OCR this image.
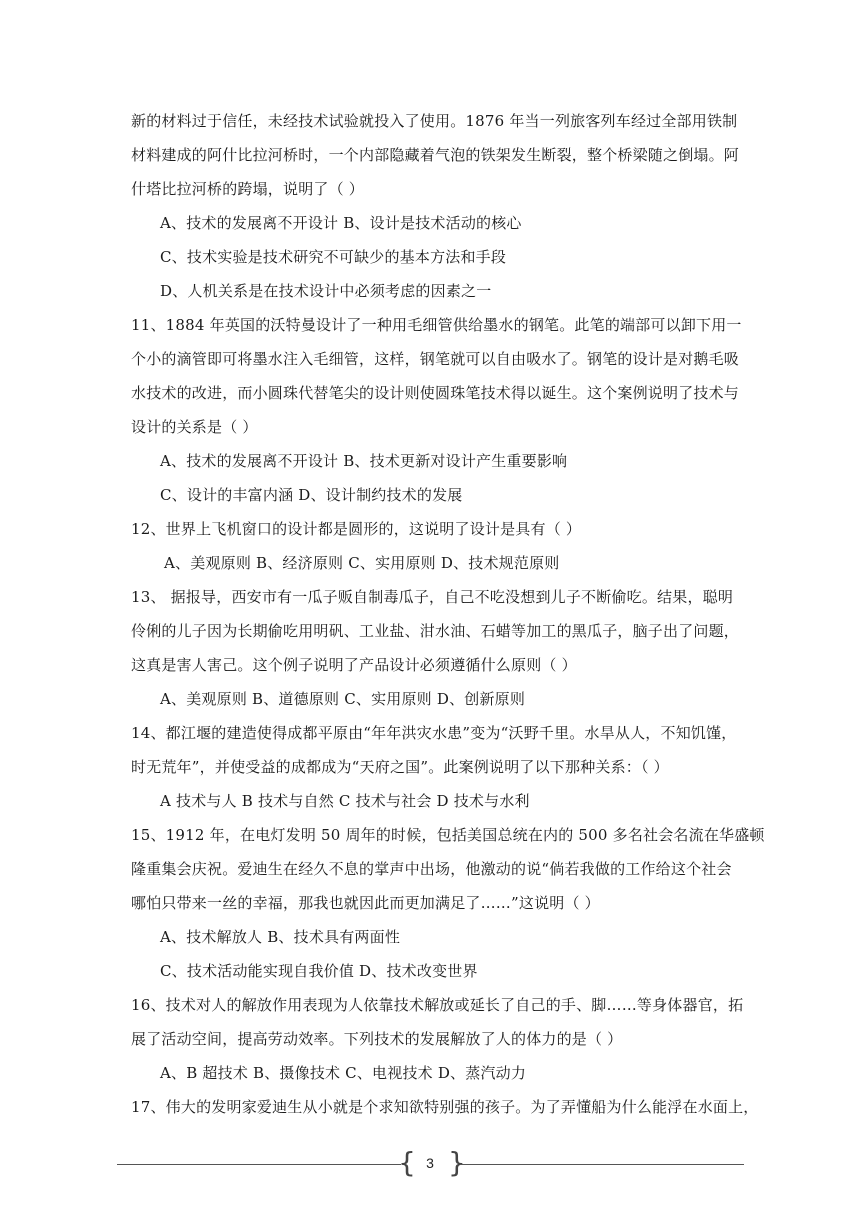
新的材料过于信任，未经技术试验就投入了使用。1876 年当一列旅客列车经过全部用铁制
材料建成的阿什比拉河桥时，一个内部隐藏着气泡的铁架发生断裂，整个桥梁随之倒塌。阿
什塔比拉河桥的跨塌，说明了（ ）
A、技术的发展离不开设计 B、设计是技术活动的核心
C、技术实验是技术研究不可缺少的基本方法和手段
D、人机关系是在技术设计中必须考虑的因素之一
11、1884 年英国的沃特曼设计了一种用毛细管供给墨水的钢笔。此笔的端部可以卸下用一
个小的滴管即可将墨水注入毛细管，这样，钢笔就可以自由吸水了。钢笔的设计是对鹅毛吸
水技术的改进，而小圆珠代替笔尖的设计则使圆珠笔技术得以诞生。这个案例说明了技术与
设计的关系是（ ）
A、技术的发展离不开设计 B、技术更新对设计产生重要影响
C、设计的丰富内涵 D、设计制约技术的发展
12、世界上飞机窗口的设计都是圆形的，这说明了设计是具有（ ）
A、美观原则 B、经济原则 C、实用原则 D、技术规范原则
13、 据报导，西安市有一瓜子贩自制毒瓜子，自己不吃没想到儿子不断偷吃。结果，聪明
伶俐的儿子因为长期偷吃用明矾、工业盐、泔水油、石蜡等加工的黑瓜子，脑子出了问题，
这真是害人害己。这个例子说明了产品设计必须遵循什么原则（ ）
A、美观原则 B、道德原则 C、实用原则 D、创新原则
14、都江堰的建造使得成都平原由“年年洪灾水患”变为“沃野千里。水旱从人，不知饥馑，
时无荒年”，并使受益的成都成为“天府之国”。此案例说明了以下那种关系：（ ）
A 技术与人 B 技术与自然 C 技术与社会 D 技术与水利
15、1912 年，在电灯发明 50 周年的时候，包括美国总统在内的 500 多名社会名流在华盛顿
隆重集会庆祝。爱迪生在经久不息的掌声中出场，他激动的说“倘若我做的工作给这个社会
哪怕只带来一丝的幸福，那我也就因此而更加满足了……”这说明（ ）
A、技术解放人 B、技术具有两面性
C、技术活动能实现自我价值 D、技术改变世界
16、技术对人的解放作用表现为人依靠技术解放或延长了自己的手、脚……等身体器官，拓
展了活动空间，提高劳动效率。下列技术的发展解放了人的体力的是（ ）
A、B 超技术 B、摄像技术 C、电视技术 D、蒸汽动力
17、伟大的发明家爱迪生从小就是个求知欲特别强的孩子。为了弄懂船为什么能浮在水面上，
{ 3 }
